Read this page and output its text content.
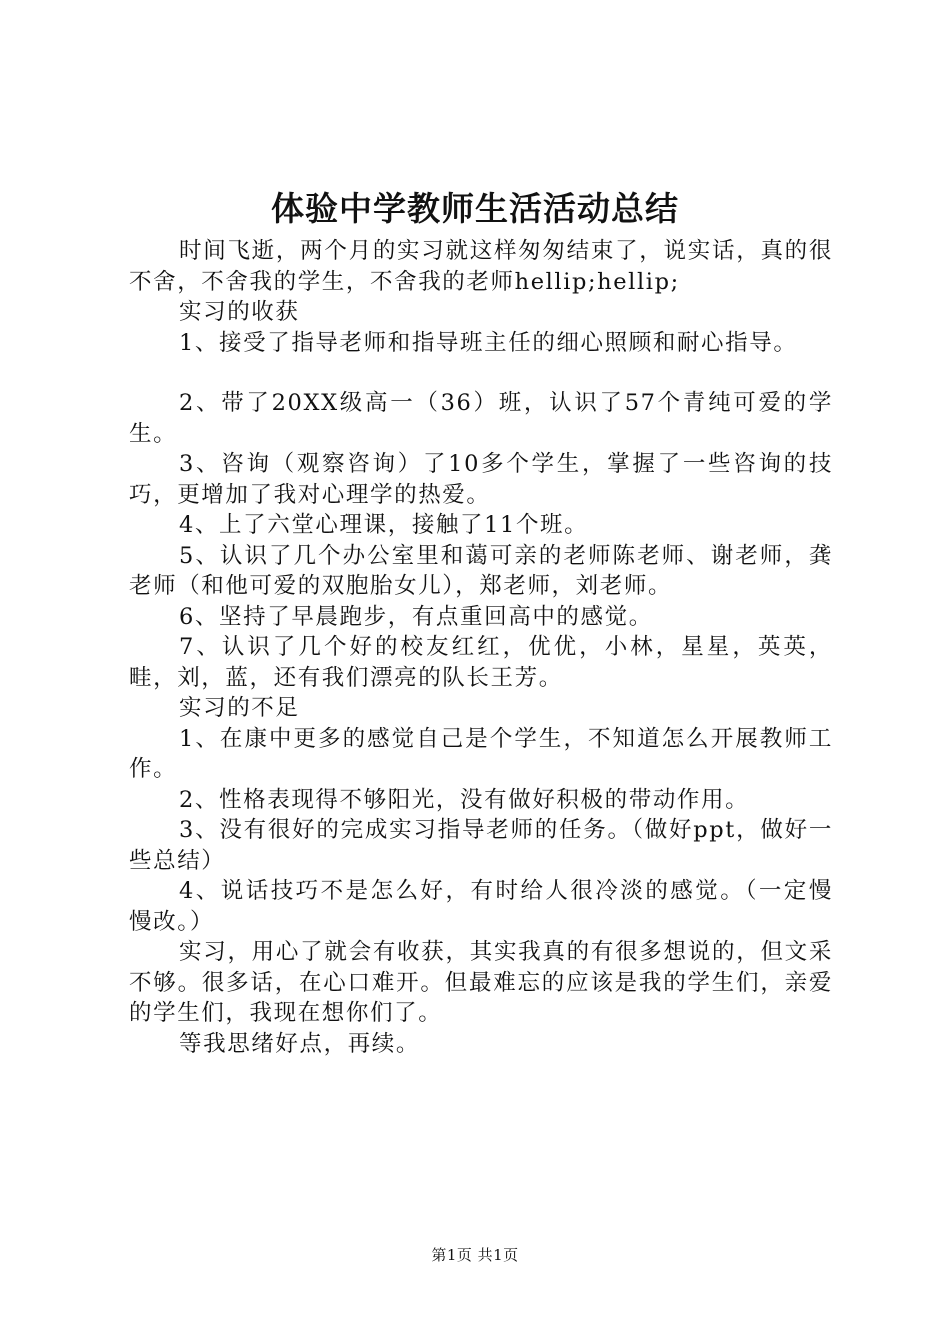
体验中学教师生活活动总结

时间飞逝，两个月的实习就这样匆匆结束了，说实话，真的很不舍，不舍我的学生，不舍我的老师hellip;hellip;

实习的收获

1、接受了指导老师和指导班主任的细心照顾和耐心指导。

2、带了20XX级高一（36）班，认识了57个青纯可爱的学生。

3、咨询（观察咨询）了10多个学生，掌握了一些咨询的技巧，更增加了我对心理学的热爱。

4、上了六堂心理课，接触了11个班。

5、认识了几个办公室里和蔼可亲的老师陈老师、谢老师，龚老师（和他可爱的双胞胎女儿），郑老师，刘老师。

6、坚持了早晨跑步，有点重回高中的感觉。

7、认识了几个好的校友红红，优优，小林，星星，英英，畦，刘，蓝，还有我们漂亮的队长王芳。

实习的不足

1、在康中更多的感觉自己是个学生，不知道怎么开展教师工作。

2、性格表现得不够阳光，没有做好积极的带动作用。

3、没有很好的完成实习指导老师的任务。（做好ppt，做好一些总结）

4、说话技巧不是怎么好，有时给人很冷淡的感觉。（一定慢慢改。）

实习，用心了就会有收获，其实我真的有很多想说的，但文采不够。很多话，在心口难开。但最难忘的应该是我的学生们，亲爱的学生们，我现在想你们了。

等我思绪好点，再续。

第1页 共1页
